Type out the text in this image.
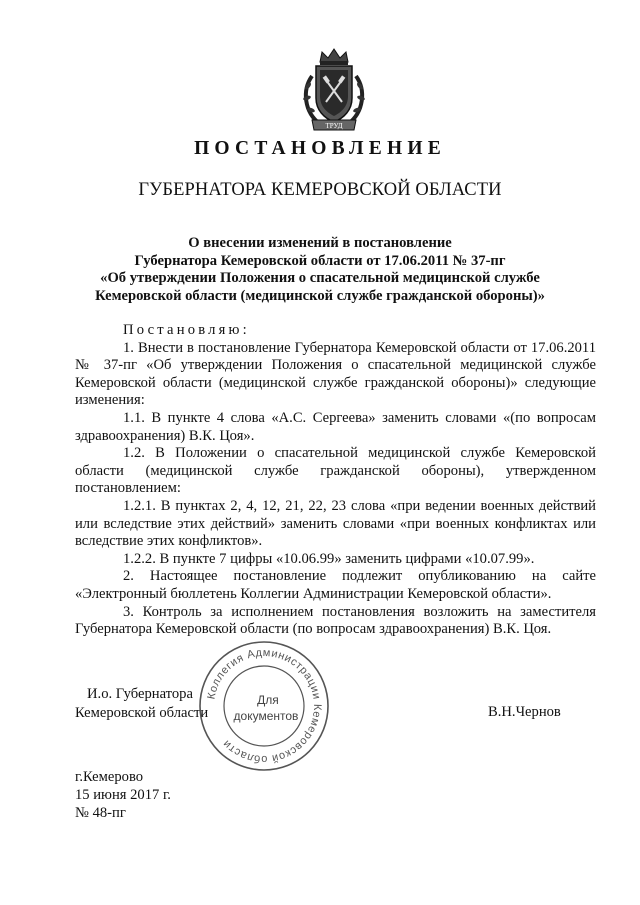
ТРУД
ПОСТАНОВЛЕНИЕ
ГУБЕРНАТОРА КЕМЕРОВСКОЙ ОБЛАСТИ
О внесении изменений в постановление
Губернатора Кемеровской области от 17.06.2011 № 37-пг
«Об утверждении Положения о спасательной медицинской службе
Кемеровской области (медицинской службе гражданской обороны)»
Постановляю:
1. Внести в постановление Губернатора Кемеровской области от 17.06.2011 № 37-пг «Об утверждении Положения о спасательной медицинской службе Кемеровской области (медицинской службе гражданской обороны)» следующие изменения:
1.1. В пункте 4 слова «А.С. Сергеева» заменить словами «(по вопросам здравоохранения) В.К. Цоя».
1.2. В Положении о спасательной медицинской службе Кемеровской области (медицинской службе гражданской обороны), утвержденном постановлением:
1.2.1. В пунктах 2, 4, 12, 21, 22, 23 слова «при ведении военных действий или вследствие этих действий» заменить словами «при военных конфликтах или вследствие этих конфликтов».
1.2.2. В пункте 7 цифры «10.06.99» заменить цифрами «10.07.99».
2. Настоящее постановление подлежит опубликованию на сайте «Электронный бюллетень Коллегии Администрации Кемеровской области».
3. Контроль за исполнением постановления возложить на заместителя Губернатора Кемеровской области (по вопросам здравоохранения) В.К. Цоя.
И.о. Губернатора
Кемеровской области	В.Н.Чернов
Коллегия Администрации Кемеровской области
Для
документов
г.Кемерово
15 июня 2017 г.
№ 48-пг
